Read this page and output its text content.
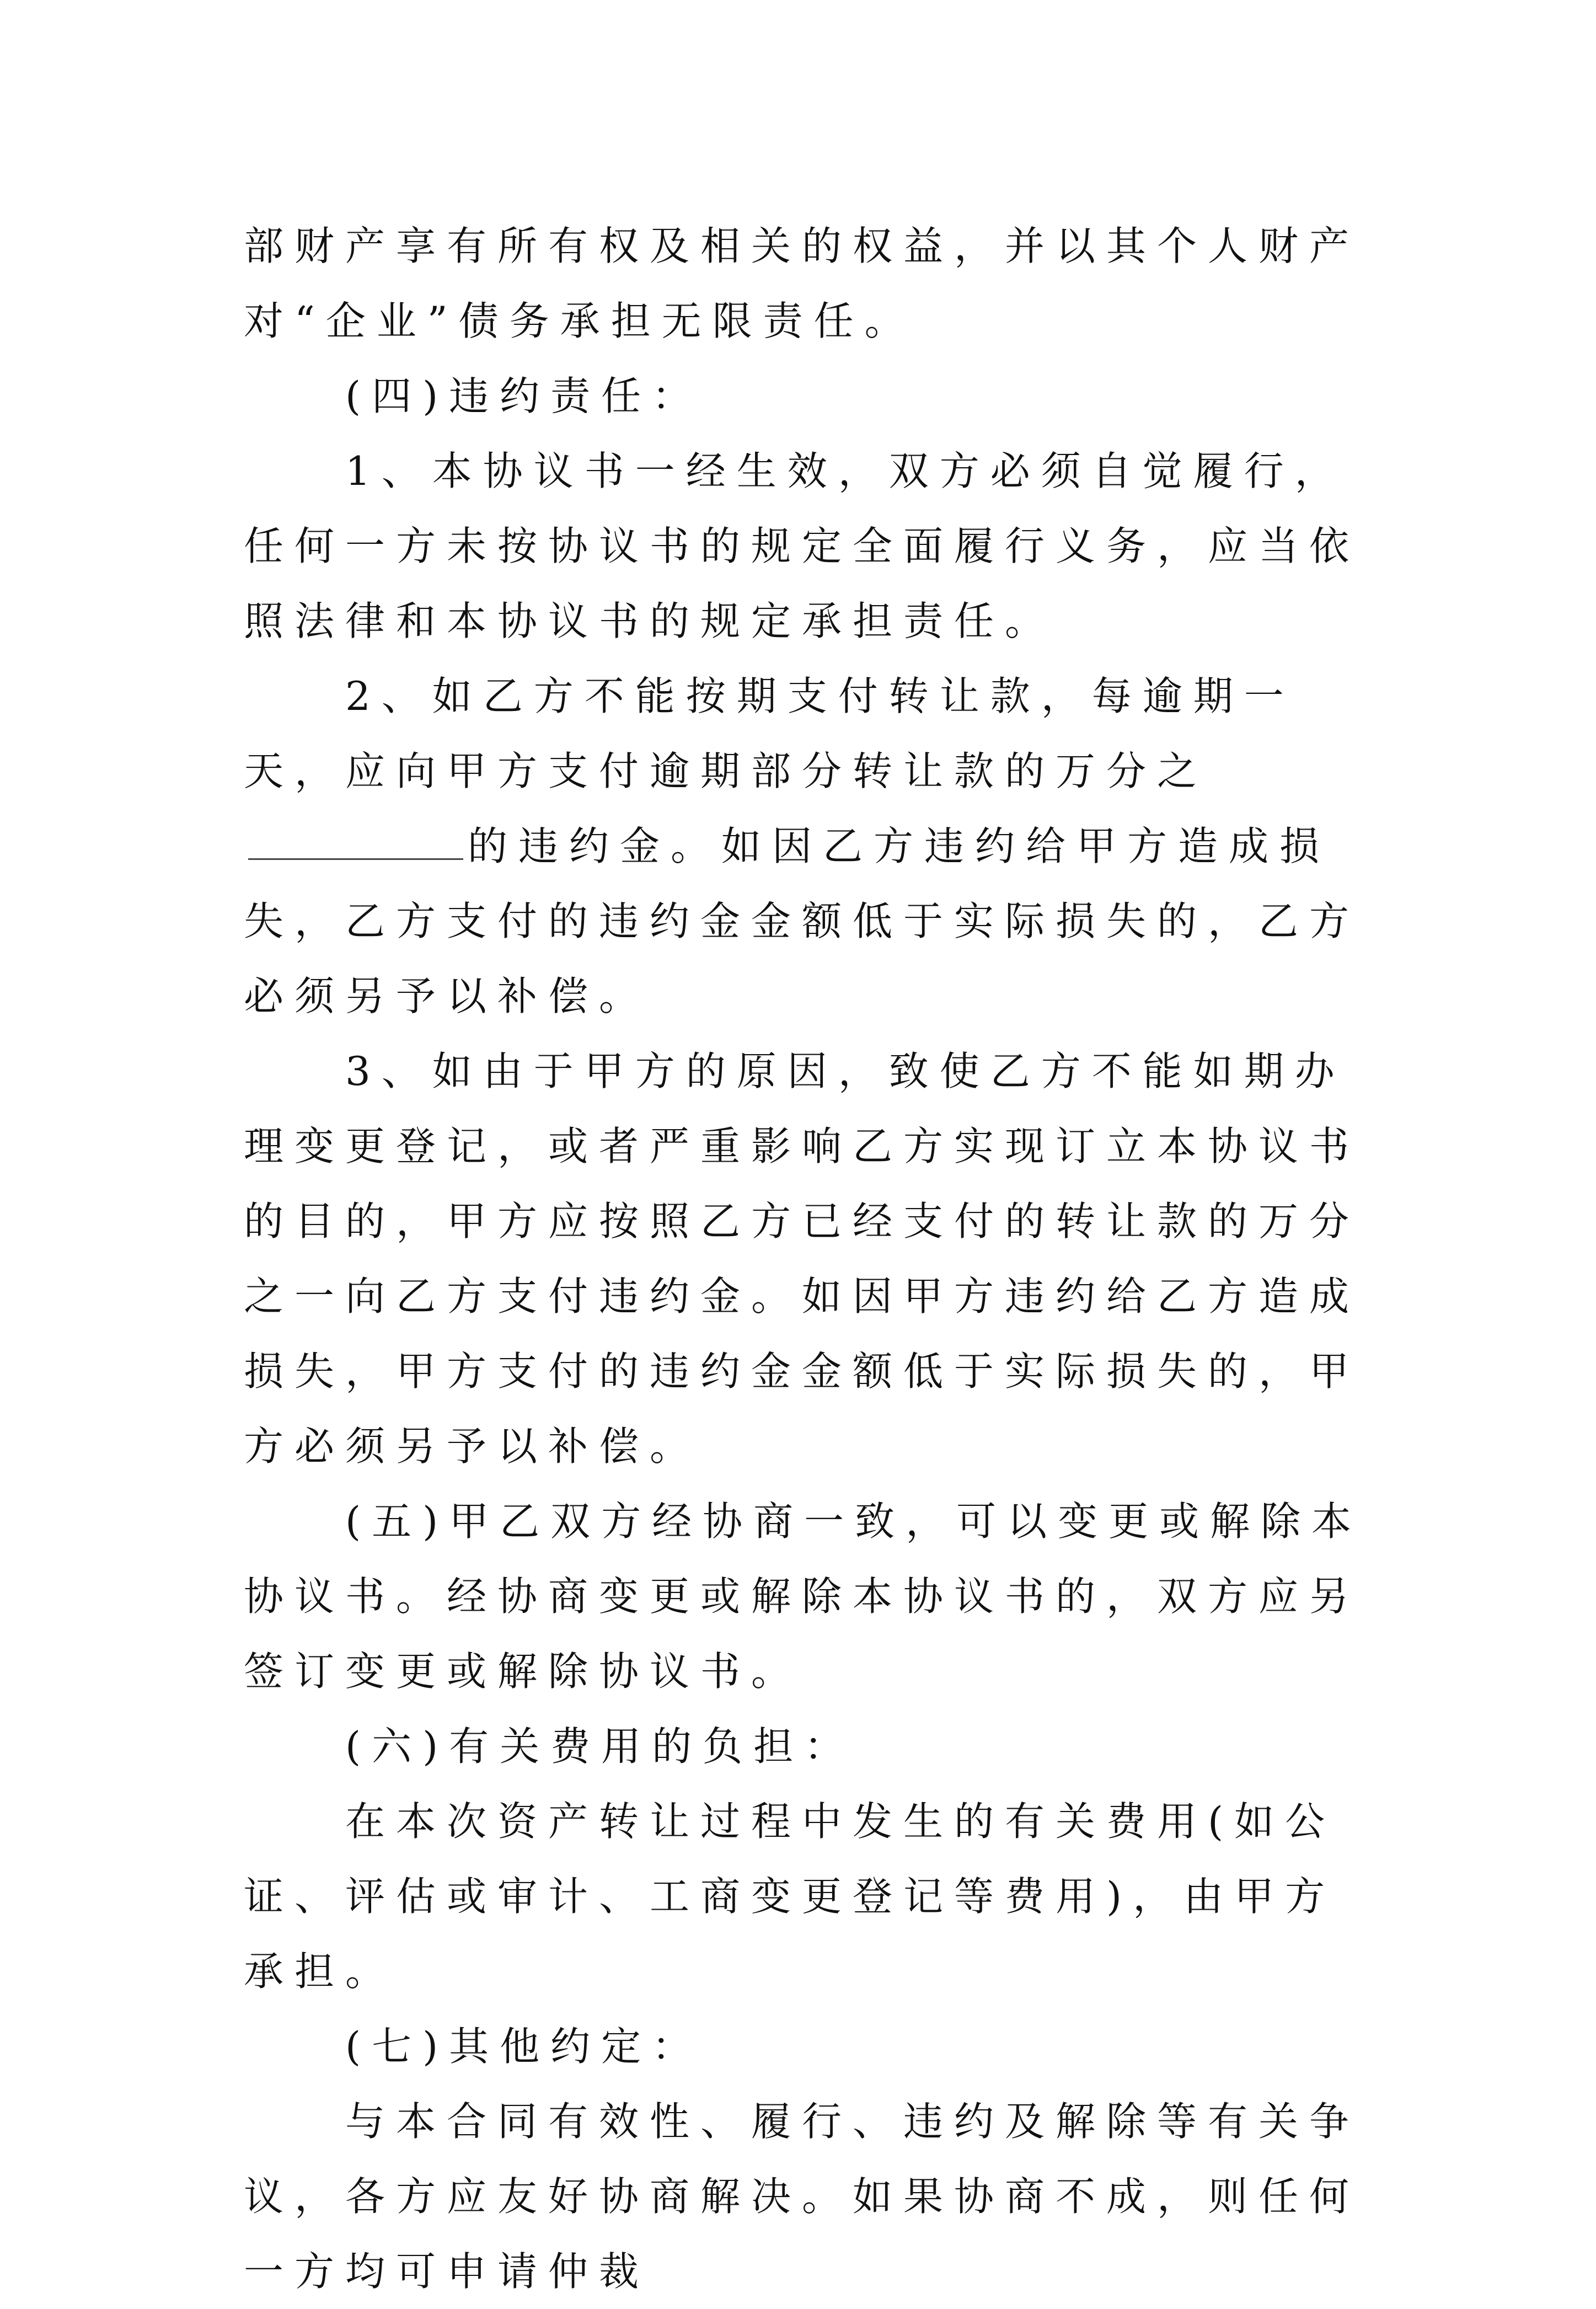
部财产享有所有权及相关的权益，并以其个人财产对“企业”债务承担无限责任。

(四)违约责任：

1、本协议书一经生效，双方必须自觉履行，任何一方未按协议书的规定全面履行义务，应当依照法律和本协议书的规定承担责任。

2、如乙方不能按期支付转让款，每逾期一天，应向甲方支付逾期部分转让款的万分之的违约金。如因乙方违约给甲方造成损失，乙方支付的违约金金额低于实际损失的，乙方必须另予以补偿。

3、如由于甲方的原因，致使乙方不能如期办理变更登记，或者严重影响乙方实现订立本协议书的目的，甲方应按照乙方已经支付的转让款的万分之一向乙方支付违约金。如因甲方违约给乙方造成损失，甲方支付的违约金金额低于实际损失的，甲方必须另予以补偿。

(五)甲乙双方经协商一致，可以变更或解除本协议书。经协商变更或解除本协议书的，双方应另签订变更或解除协议书。

(六)有关费用的负担：

在本次资产转让过程中发生的有关费用(如公证、评估或审计、工商变更登记等费用)，由甲方承担。

(七)其他约定：

与本合同有效性、履行、违约及解除等有关争议，各方应友好协商解决。如果协商不成，则任何一方均可申请仲裁
